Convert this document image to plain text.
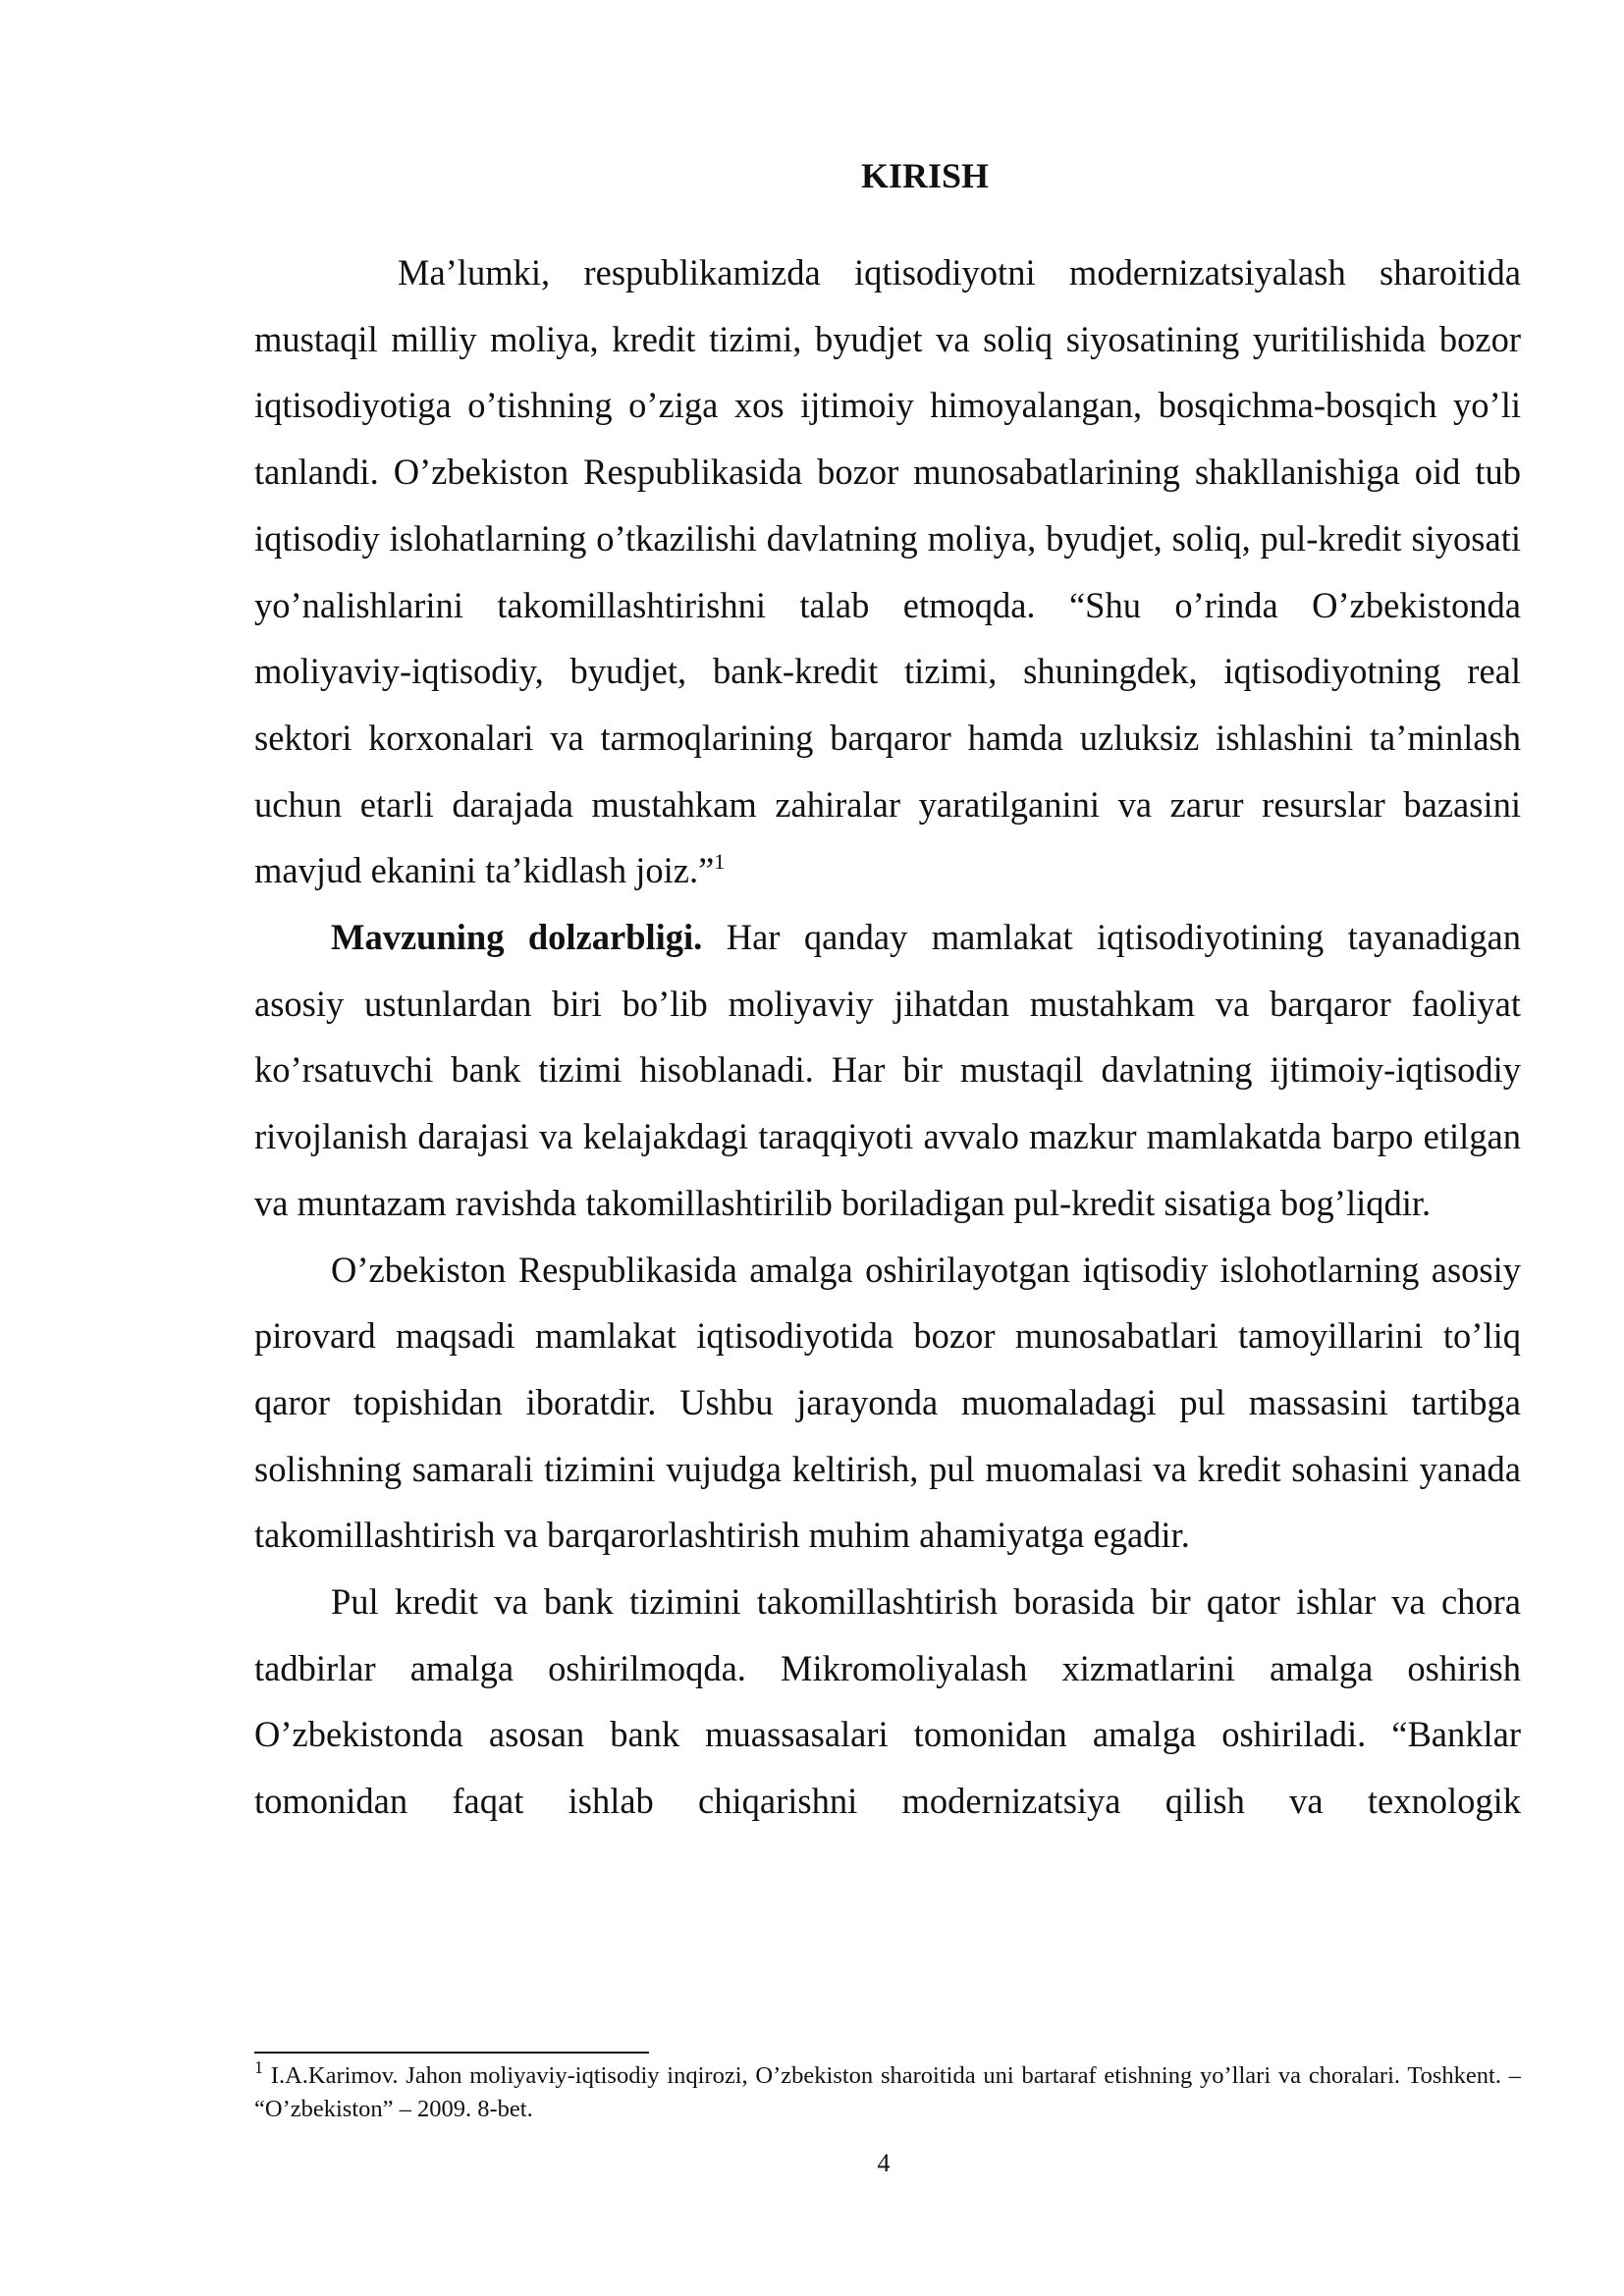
KIRISH

Ma’lumki, respublikamizda iqtisodiyotni modernizatsiyalash sharoitida mustaqil milliy moliya, kredit tizimi, byudjet va soliq siyosatining yuritilishida bozor iqtisodiyotiga o’tishning o’ziga xos ijtimoiy himoyalangan, bosqichma-bosqich yo’li tanlandi. O’zbekiston Respublikasida bozor munosabatlarining shakllanishiga oid tub iqtisodiy islohatlarning o’tkazilishi davlatning moliya, byudjet, soliq, pul-kredit siyosati yo’nalishlarini takomillashtirishni talab etmoqda. “Shu o’rinda O’zbekistonda moliyaviy-iqtisodiy, byudjet, bank-kredit tizimi, shuningdek, iqtisodiyotning real sektori korxonalari va tarmoqlarining barqaror hamda uzluksiz ishlashini ta’minlash uchun etarli darajada mustahkam zahiralar yaratilganini va zarur resurslar bazasini mavjud ekanini ta’kidlash joiz.”$^1$

Mavzuning dolzarbligi. Har qanday mamlakat iqtisodiyotining tayanadigan asosiy ustunlardan biri bo’lib moliyaviy jihatdan mustahkam va barqaror faoliyat ko’rsatuvchi bank tizimi hisoblanadi. Har bir mustaqil davlatning ijtimoiy-iqtisodiy rivojlanish darajasi va kelajakdagi taraqqiyoti avvalo mazkur mamlakatda barpo etilgan va muntazam ravishda takomillashtirilib boriladigan pul-kredit sisatiga bog’liqdir.

O’zbekiston Respublikasida amalga oshirilayotgan iqtisodiy islohotlarning asosiy pirovard maqsadi mamlakat iqtisodiyotida bozor munosabatlari tamoyillarini to’liq qaror topishidan iboratdir. Ushbu jarayonda muomaladagi pul massasini tartibga solishning samarali tizimini vujudga keltirish, pul muomalasi va kredit sohasini yanada takomillashtirish va barqarorlashtirish muhim ahamiyatga egadir.

Pul kredit va bank tizimini takomillashtirish borasida bir qator ishlar va chora tadbirlar amalga oshirilmoqda. Mikromoliyalash xizmatlarini amalga oshirish O’zbekistonda asosan bank muassasalari tomonidan amalga oshiriladi. “Banklar tomonidan faqat ishlab chiqarishni modernizatsiya qilish va texnologik

$^1$ I.A.Karimov. Jahon moliyaviy-iqtisodiy inqirozi, O’zbekiston sharoitida uni bartaraf etishning yo’llari va choralari. Toshkent. – “O’zbekiston” – 2009. 8-bet.
4
